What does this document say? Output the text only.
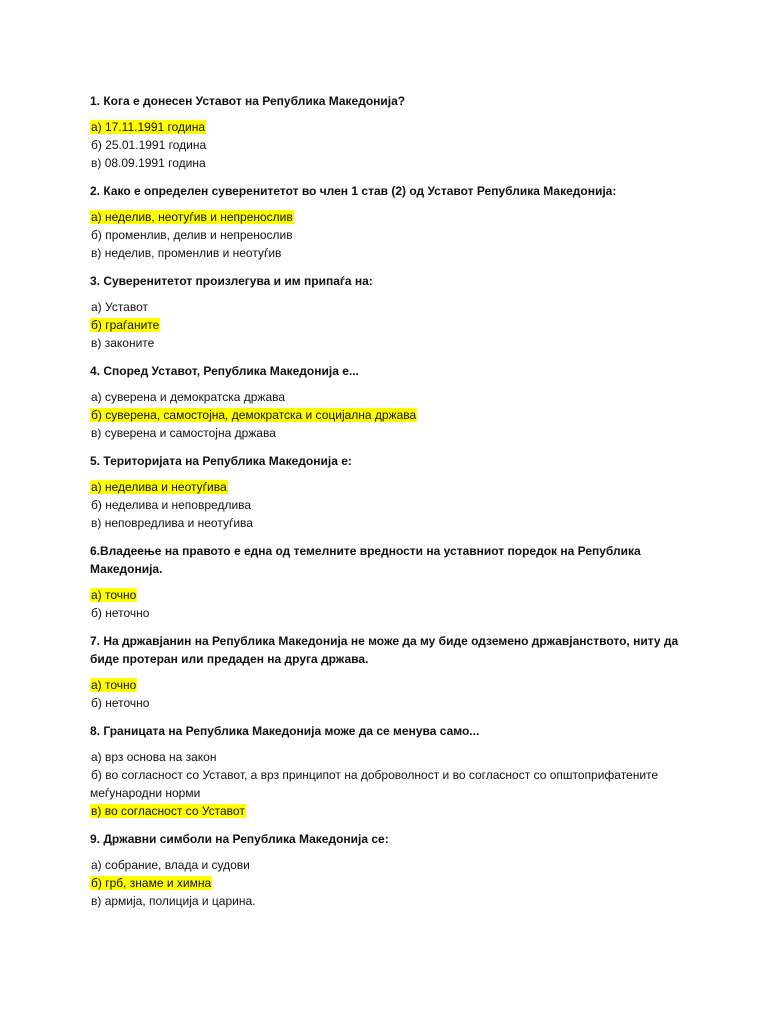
1. Кога е донесен Уставот на Република Македонија?

а) 17.11.1991 година
б) 25.01.1991 година
в) 08.09.1991 година

2. Како е определен суверенитетот во член 1 став (2) од Уставот Република Македонија:

а) неделив, неотуѓив и непренослив
б) променлив, делив и непренослив
в) неделив, променлив и неотуѓив

3. Суверенитетот произлегува и им припаѓа на:

а) Уставот
б) граѓаните
в) законите

4. Според Уставот, Република Македонија е...

а) суверена и демократска држава
б) суверена, самостојна, демократска и социјална држава
в) суверена и самостојна држава

5. Територијата на Република Македонија е:

а) неделива и неотуѓива
б) неделива и неповредлива
в) неповредлива и неотуѓива

6.Владеење на правото е една од темелните вредности на уставниот поредок на Република Македонија.

а) точно
б) неточно

7. На државјанин на Република Македонија не може да му биде одземено државјанството, ниту да биде протеран или предаден на друга држава.

а) точно
б) неточно

8. Границата на Република Македонија може да се менува само...

а) врз основа на закон
б) во согласност со Уставот, а врз принципот на доброволност и во согласност со општоприфатените меѓународни норми
в) во согласност со Уставот

9. Државни симболи на Република Македонија се:

а) собрание, влада и судови
б) грб, знаме и химна
в) армија, полиција и царина.
